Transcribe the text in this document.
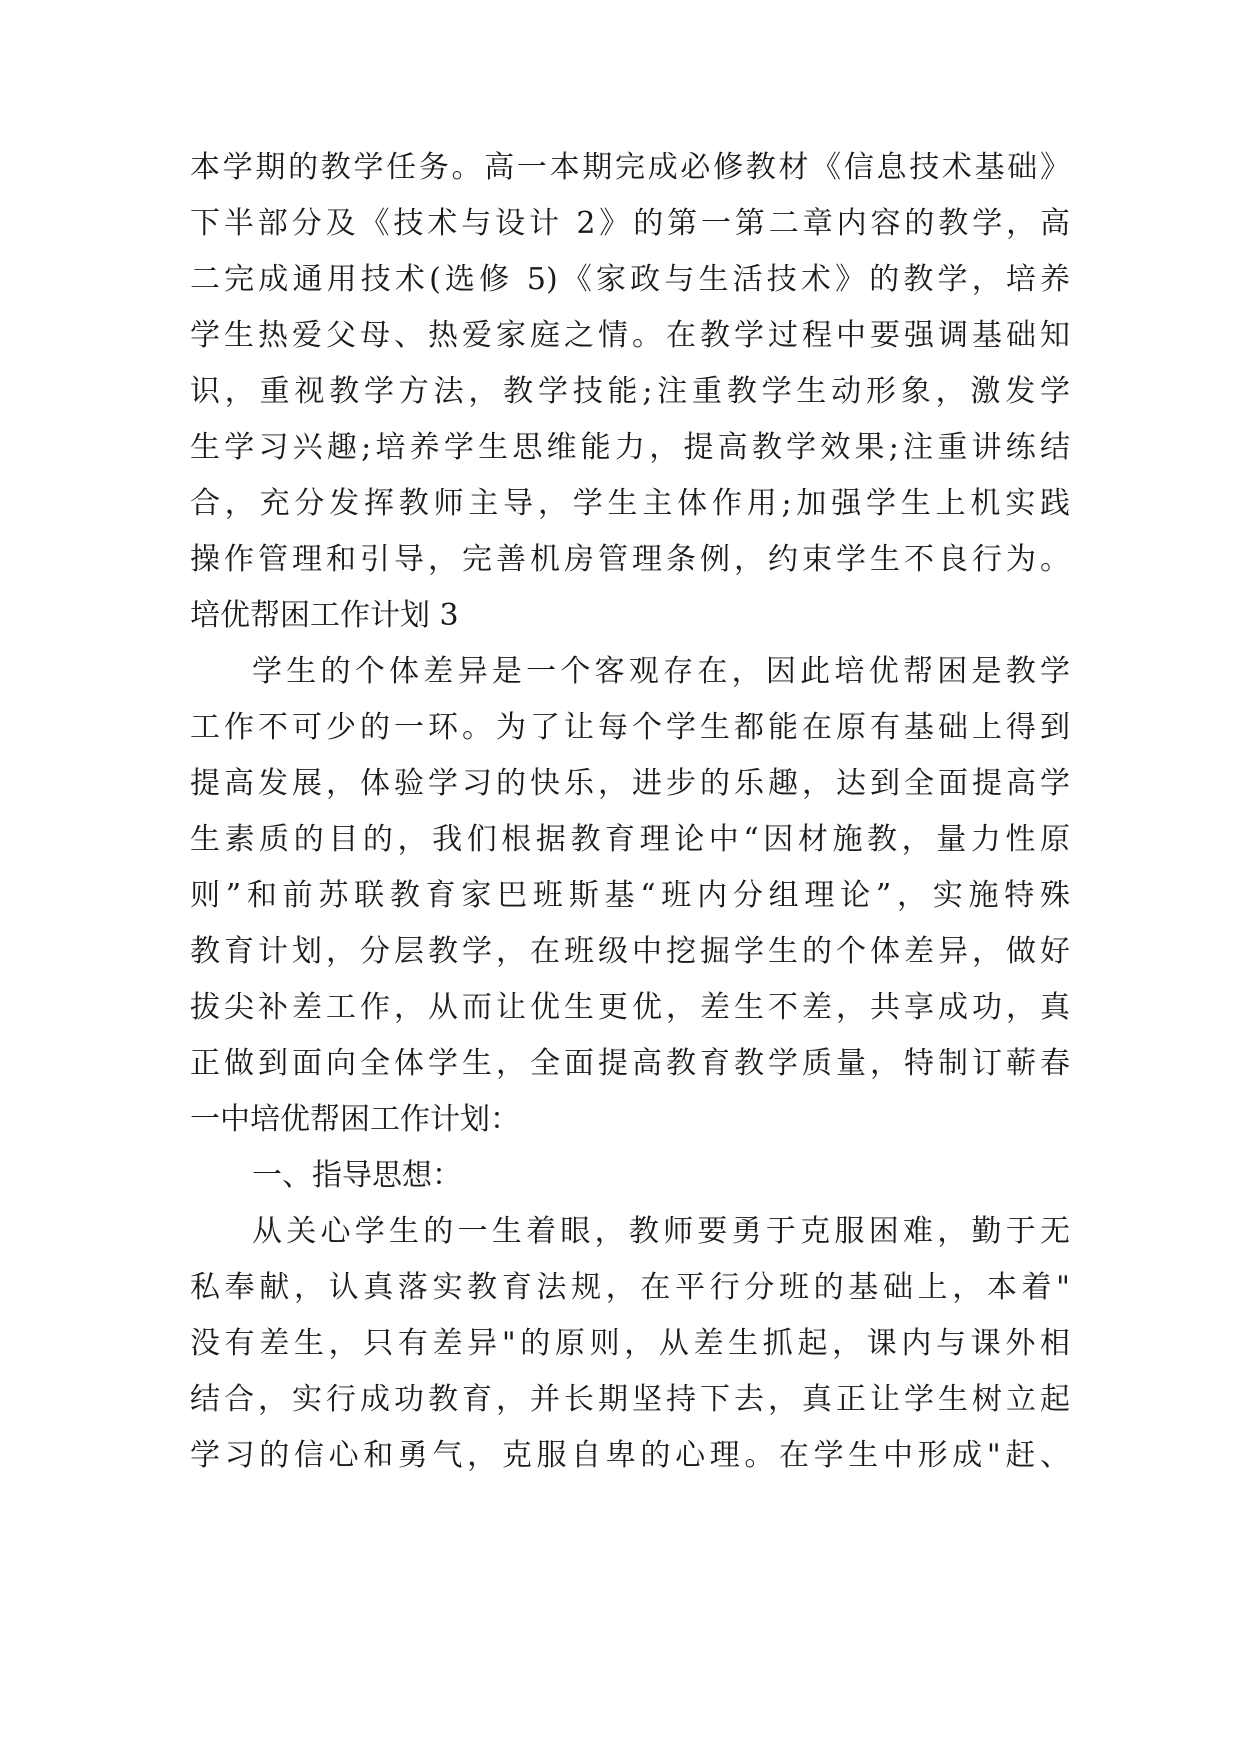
本学期的教学任务。高一本期完成必修教材《信息技术基础》
下半部分及《技术与设计 2》的第一第二章内容的教学，高
二完成通用技术(选修 5)《家政与生活技术》的教学，培养
学生热爱父母、热爱家庭之情。在教学过程中要强调基础知
识，重视教学方法，教学技能;注重教学生动形象，激发学
生学习兴趣;培养学生思维能力，提高教学效果;注重讲练结
合，充分发挥教师主导，学生主体作用;加强学生上机实践
操作管理和引导，完善机房管理条例，约束学生不良行为。
培优帮困工作计划 3
学生的个体差异是一个客观存在，因此培优帮困是教学
工作不可少的一环。为了让每个学生都能在原有基础上得到
提高发展，体验学习的快乐，进步的乐趣，达到全面提高学
生素质的目的，我们根据教育理论中“因材施教，量力性原
则”和前苏联教育家巴班斯基“班内分组理论”，实施特殊
教育计划，分层教学，在班级中挖掘学生的个体差异，做好
拔尖补差工作，从而让优生更优，差生不差，共享成功，真
正做到面向全体学生，全面提高教育教学质量，特制订蕲春
一中培优帮困工作计划：
一、指导思想：
从关心学生的一生着眼，教师要勇于克服困难，勤于无
私奉献，认真落实教育法规，在平行分班的基础上，本着"
没有差生，只有差异"的原则，从差生抓起，课内与课外相
结合，实行成功教育，并长期坚持下去，真正让学生树立起
学习的信心和勇气，克服自卑的心理。在学生中形成"赶、
